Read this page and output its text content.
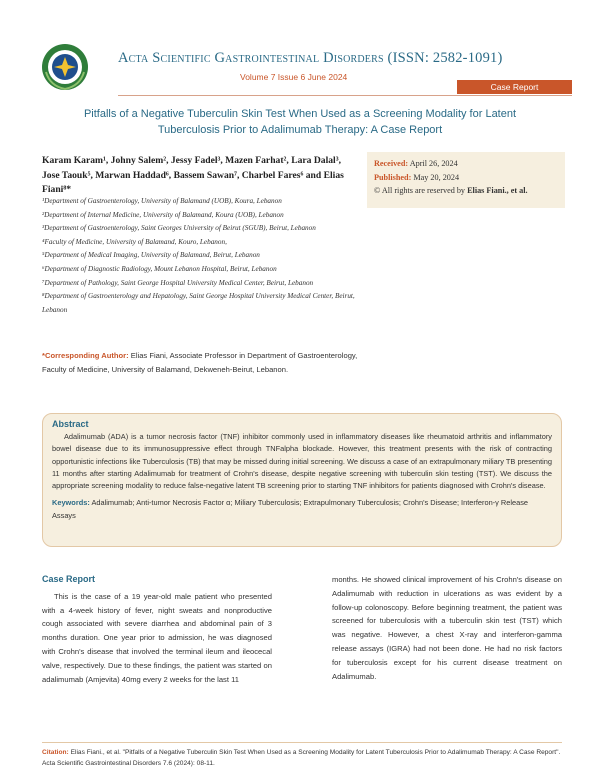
Acta Scientific Gastrointestinal Disorders (ISSN: 2582-1091)
Volume 7 Issue 6 June 2024
Case Report
Pitfalls of a Negative Tuberculin Skin Test When Used as a Screening Modality for Latent Tuberculosis Prior to Adalimumab Therapy: A Case Report
Karam Karam¹, Johny Salem², Jessy Fadel³, Mazen Farhat², Lara Dalal³, Jose Taouk⁵, Marwan Haddad⁶, Bassem Sawan⁷, Charbel Fares⁶ and Elias Fiani⁸*
¹Department of Gastroenterology, University of Balamand (UOB), Koura, Lebanon
²Department of Internal Medicine, University of Balamand, Koura (UOB), Lebanon
³Department of Gastroenterology, Saint Georges University of Beirut (SGUB), Beirut, Lebanon
⁴Faculty of Medicine, University of Balamand, Kouro, Lebanon,
⁵Department of Medical Imaging, University of Balamand, Beirut, Lebanon
⁶Department of Diagnostic Radiology, Mount Lebanon Hospital, Beirut, Lebanon
⁷Department of Pathology, Saint George Hospital University Medical Center, Beirut, Lebanon
⁸Department of Gastroenterology and Hepatology, Saint George Hospital University Medical Center, Beirut, Lebanon
*Corresponding Author: Elias Fiani, Associate Professor in Department of Gastroenterology, Faculty of Medicine, University of Balamand, Dekweneh-Beirut, Lebanon.
Received: April 26, 2024
Published: May 20, 2024
© All rights are reserved by Elias Fiani., et al.
Abstract
Adalimumab (ADA) is a tumor necrosis factor (TNF) inhibitor commonly used in inflammatory diseases like rheumatoid arthritis and inflammatory bowel disease due to its immunosuppressive effect through TNFalpha blockade. However, this treatment presents with the risk of contracting opportunistic infections like Tuberculosis (TB) that may be missed during initial screening. We discuss a case of an extrapulmonary miliary TB presenting 11 months after starting Adalimumab for treatment of Crohn's disease, despite negative screening with tuberculin skin testing (TST). We discuss the appropriate screening modality to reduce false-negative latent TB screening prior to starting TNF inhibitors for patients diagnosed with Crohn's disease.
Keywords: Adalimumab; Anti-tumor Necrosis Factor α; Miliary Tuberculosis; Extrapulmonary Tuberculosis; Crohn's Disease; Interferon-γ Release Assays
Case Report
This is the case of a 19 year-old male patient who presented with a 4-week history of fever, night sweats and nonproductive cough associated with severe diarrhea and abdominal pain of 3 months duration. One year prior to admission, he was diagnosed with Crohn's disease that involved the terminal ileum and ileocecal valve, respectively. Due to these findings, the patient was started on adalimumab (Amjevita) 40mg every 2 weeks for the last 11
months. He showed clinical improvement of his Crohn's disease on Adalimumab with reduction in ulcerations as was evident by a follow-up colonoscopy. Before beginning treatment, the patient was screened for tuberculosis with a tuberculin skin test (TST) which was negative. However, a chest X-ray and interferon-gamma release assays (IGRA) had not been done. He had no risk factors for tuberculosis except for his current disease treatment on Adalimumab.
Citation: Elias Fiani., et al. "Pitfalls of a Negative Tuberculin Skin Test When Used as a Screening Modality for Latent Tuberculosis Prior to Adalimumab Therapy: A Case Report". Acta Scientific Gastrointestinal Disorders 7.6 (2024): 08-11.
